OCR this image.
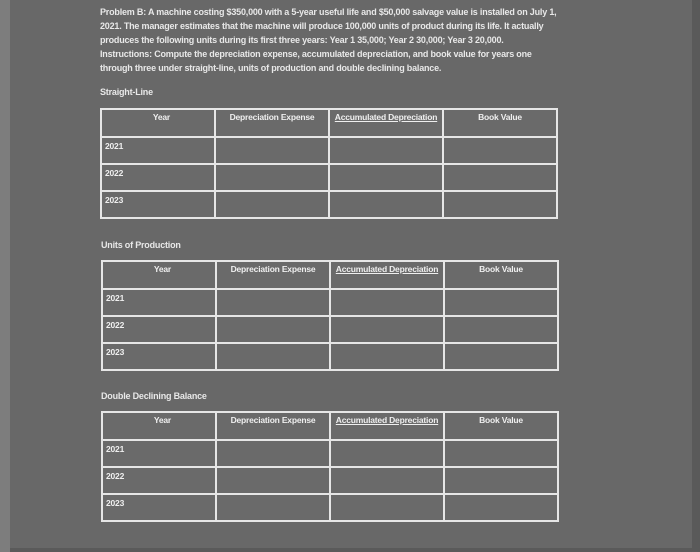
Problem B: A machine costing $350,000 with a 5-year useful life and $50,000 salvage value is installed on July 1,

2021. The manager estimates that the machine will produce 100,000 units of product during its life. It actually

produces the following units during its first three years: Year 1 35,000; Year 2 30,000; Year 3 20,000.

Instructions: Compute the depreciation expense, accumulated depreciation, and book value for years one

through three under straight-line, units of production and double declining balance.

Straight-Line
Year	Depreciation Expense	Accumulated Depreciation	Book Value
2021			
2022			
2023			
Units of Production
Year	Depreciation Expense	Accumulated Depreciation	Book Value
2021			
2022			
2023			
Double Declining Balance
Year	Depreciation Expense	Accumulated Depreciation	Book Value
2021			
2022			
2023			
